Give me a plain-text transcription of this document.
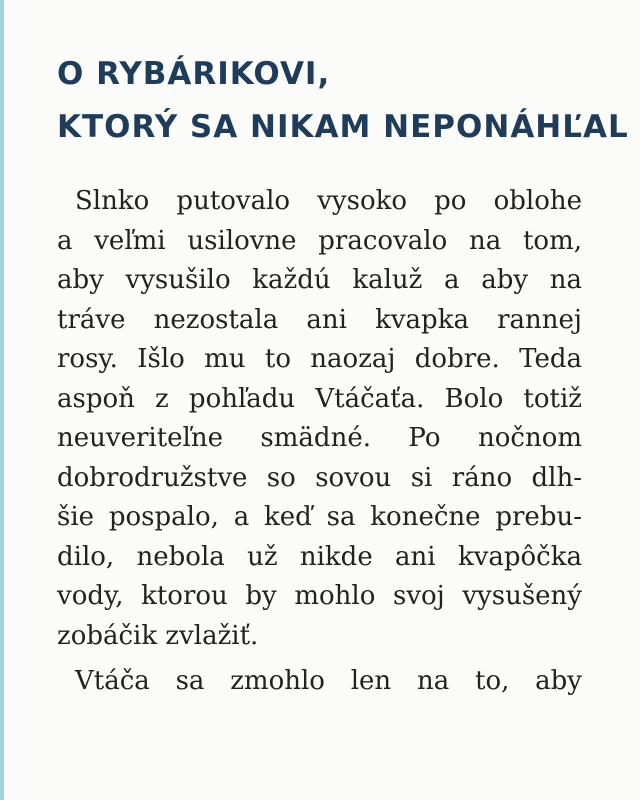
O RYBÁRIKOVI,
KTORÝ SA NIKAM NEPONÁHĽAL
Slnko putovalo vysoko po oblohe
a veľmi usilovne pracovalo na tom,
aby vysušilo každú kaluž a aby na
tráve nezostala ani kvapka rannej
rosy. Išlo mu to naozaj dobre. Teda
aspoň z pohľadu Vtáčaťa. Bolo totiž
neuveriteľne smädné. Po nočnom
dobrodružstve so sovou si ráno dlh-
šie pospalo, a keď sa konečne prebu-
dilo, nebola už nikde ani kvapôčka
vody, ktorou by mohlo svoj vysušený
zobáčik zvlažiť.
Vtáča sa zmohlo len na to, aby
